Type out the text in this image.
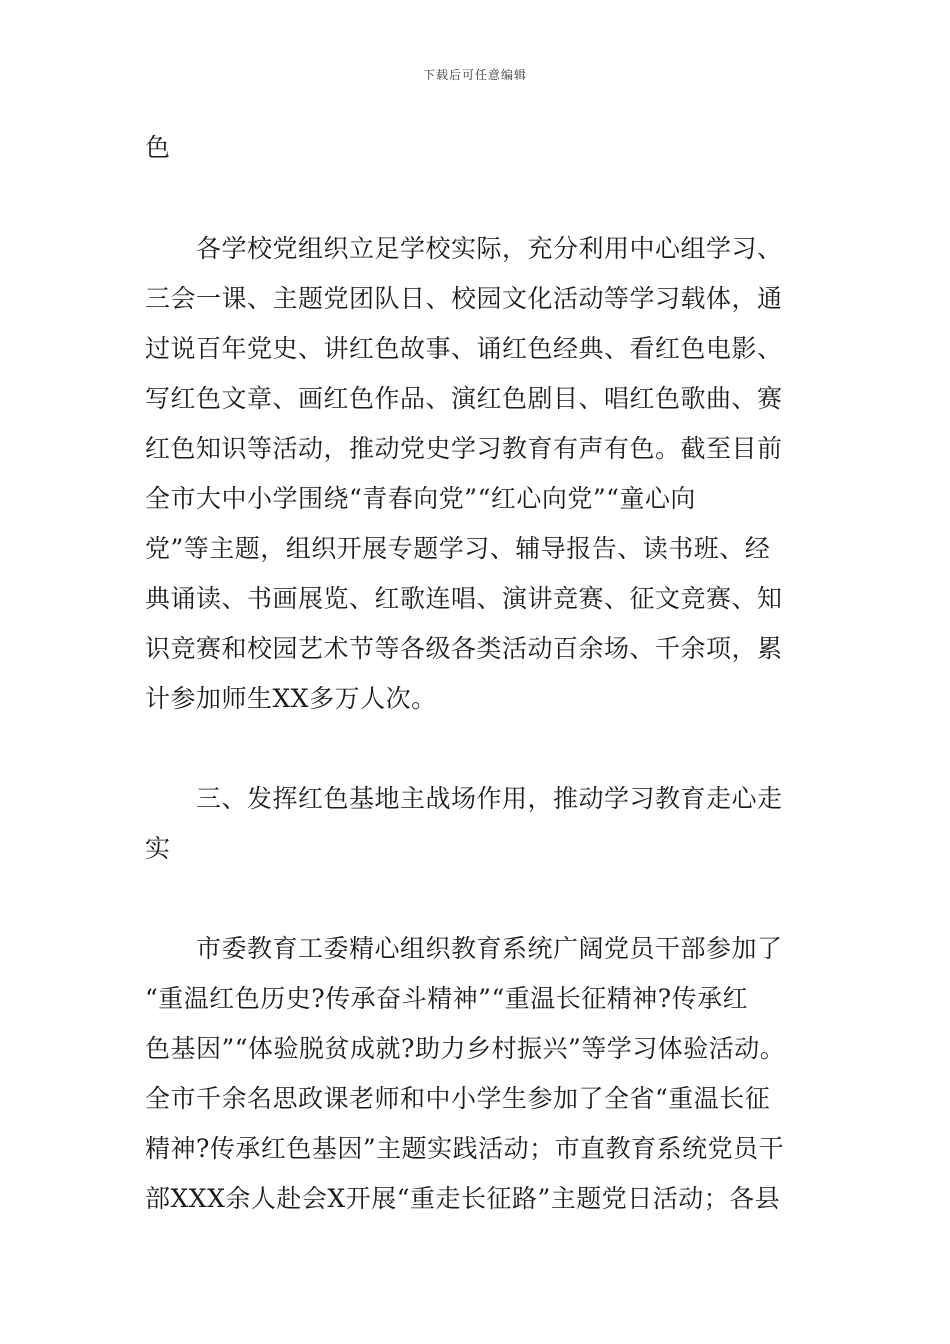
下载后可任意编辑
色
　　各学校党组织立足学校实际，充分利用中心组学习、
三会一课、主题党团队日、校园文化活动等学习载体，通
过说百年党史、讲红色故事、诵红色经典、看红色电影、
写红色文章、画红色作品、演红色剧目、唱红色歌曲、赛
红色知识等活动，推动党史学习教育有声有色。截至目前
全市大中小学围绕“青春向党”“红心向党”“童心向
党”等主题，组织开展专题学习、辅导报告、读书班、经
典诵读、书画展览、红歌连唱、演讲竞赛、征文竞赛、知
识竞赛和校园艺术节等各级各类活动百余场、千余项，累
计参加师生XX多万人次。
　　三、发挥红色基地主战场作用，推动学习教育走心走
实
　　市委教育工委精心组织教育系统广阔党员干部参加了
“重温红色历史?传承奋斗精神”“重温长征精神?传承红
色基因”“体验脱贫成就?助力乡村振兴”等学习体验活动。
全市千余名思政课老师和中小学生参加了全省“重温长征
精神?传承红色基因”主题实践活动；市直教育系统党员干
部XXX余人赴会X开展“重走长征路”主题党日活动；各县
